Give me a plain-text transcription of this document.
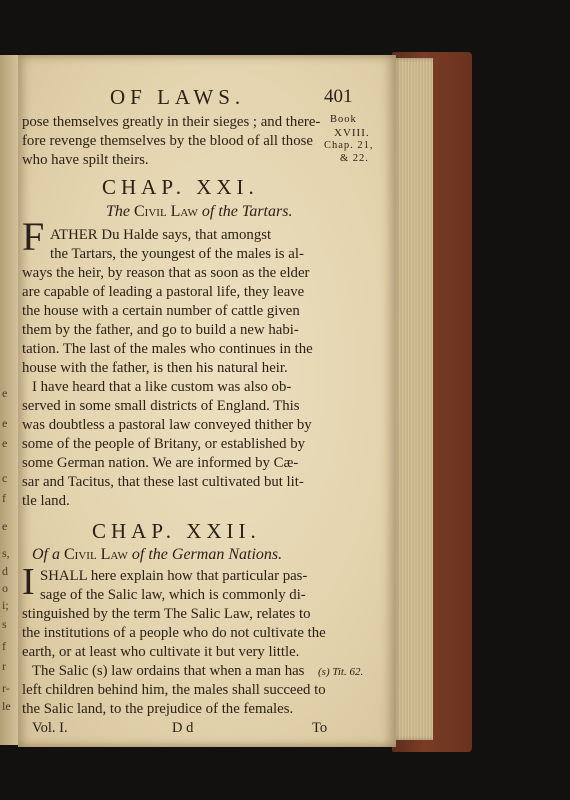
e
e
e
c
f
e
s,
d
o
i;
s
f
r
r-
le
OF LAWS.	401
Book
XVIII.
Chap. 21,
& 22.
pose themselves greatly in their sieges ; and there-
fore revenge themselves by the blood of all those
who have spilt theirs.
CHAP. XXI.
The Civil Law of the Tartars.
F ATHER Du Halde says, that amongst
the Tartars, the youngest of the males is al-
ways the heir, by reason that as soon as the elder
are capable of leading a pastoral life, they leave
the house with a certain number of cattle given
them by the father, and go to build a new habi-
tation. The last of the males who continues in the
house with the father, is then his natural heir.
I have heard that a like custom was also ob-
served in some small districts of England. This
was doubtless a pastoral law conveyed thither by
some of the people of Britany, or established by
some German nation. We are informed by Cæ-
sar and Tacitus, that these last cultivated but lit-
tle land.
CHAP. XXII.
Of a Civil Law of the German Nations.
I SHALL here explain how that particular pas-
sage of the Salic law, which is commonly di-
stinguished by the term The Salic Law, relates to
the institutions of a people who do not cultivate the
earth, or at least who cultivate it but very little.
The Salic (s) law ordains that when a man has
left children behind him, the males shall succeed to
the Salic land, to the prejudice of the females.
(s) Tit. 62.
Vol. I.	D d	To
